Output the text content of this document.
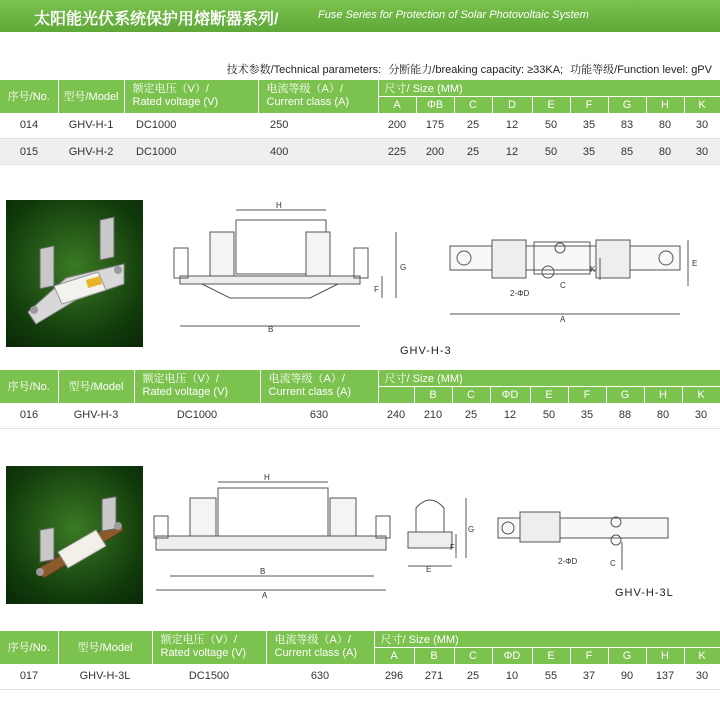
太阳能光伏系统保护用熔断器系列/	Fuse Series for Protection of Solar Photovoltaic System
技术参数/Technical parameters: 分断能力/breaking capacity: ≥33KA; 功能等级/Function level: gPV
序号/No.	型号/Model	额定电压（V）/
Rated voltage (V)	电流等级（A）/
Current class (A)	尺寸/ Size (MM)								
				A	ΦB	C	D	E	F	G	H	K
014	GHV-H-1	DC1000	250	200	175	25	12	50	35	83	80	30
015	GHV-H-2	DC1000	400	225	200	25	12	50	35	85	80	30
H
B
G
F
E
K
C
2-ΦD
A
GHV-H-3
序号/No.	型号/Model	额定电压（V）/
Rated voltage (V)	电流等级（A）/
Current class (A)	尺寸/ Size (MM)								
					B	C	ΦD	E	F	G	H	K
016	GHV-H-3	DC1000	630	240	210	25	12	50	35	88	80	30
H
B
A
E
G
F
2-ΦD	C
GHV-H-3L
序号/No.	型号/Model	额定电压（V）/
Rated voltage (V)	电流等级（A）/
Current class (A)	尺寸/ Size (MM)								
				A	B	C	ΦD	E	F	G	H	K
017	GHV-H-3L	DC1500	630	296	271	25	10	55	37	90	137	30
